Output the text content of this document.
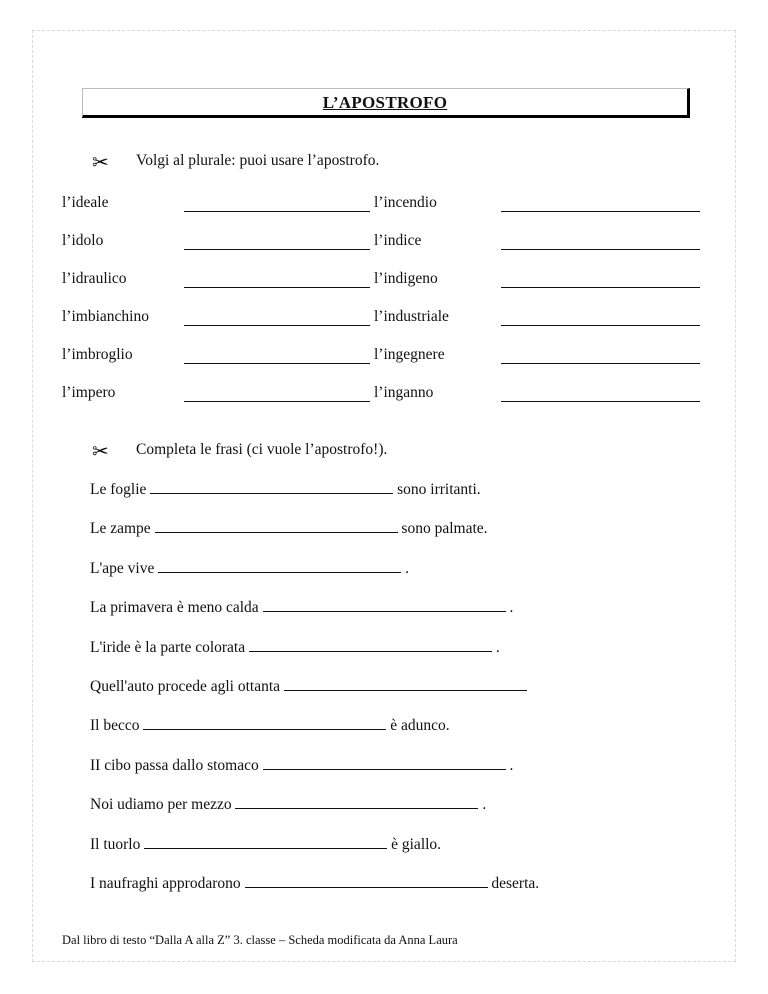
L’APOSTROFO
✂ Volgi al plurale: puoi usare l’apostrofo.
l’ideale	l’incendio
l’idolo	l’indice
l’idraulico	l’indigeno
l’imbianchino	l’industriale
l’imbroglio	l’ingegnere
l’impero	l’inganno
✂ Completa le frasi (ci vuole l’apostrofo!).
Le foglie	sono irritanti.
Le zampe	sono palmate.
L'ape vive	.
La primavera è meno calda	.
L'iride è la parte colorata	.
Quell'auto procede agli ottanta
Il becco	è adunco.
II cibo passa dallo stomaco	.
Noi udiamo per mezzo	.
Il tuorlo	è giallo.
I naufraghi approdarono	deserta.
Dal libro di testo “Dalla A alla Z” 3. classe – Scheda modificata da Anna Laura
